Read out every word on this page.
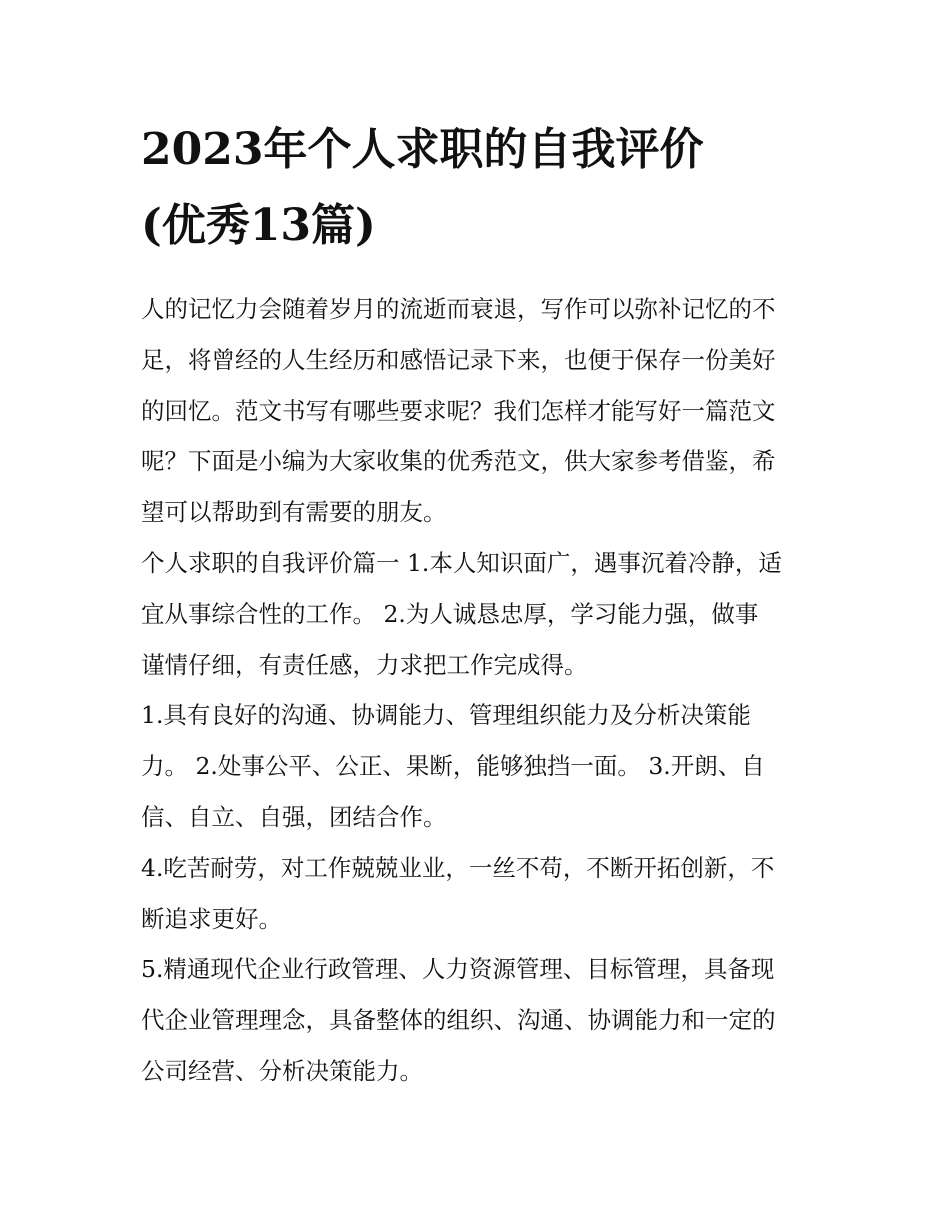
2023年个人求职的自我评价
(优秀13篇)

人的记忆力会随着岁月的流逝而衰退，写作可以弥补记忆的不
足，将曾经的人生经历和感悟记录下来，也便于保存一份美好
的回忆。范文书写有哪些要求呢？我们怎样才能写好一篇范文
呢？下面是小编为大家收集的优秀范文，供大家参考借鉴，希
望可以帮助到有需要的朋友。

个人求职的自我评价篇一 1.本人知识面广，遇事沉着冷静，适
宜从事综合性的工作。 2.为人诚恳忠厚，学习能力强，做事
谨情仔细，有责任感，力求把工作完成得。

1.具有良好的沟通、协调能力、管理组织能力及分析决策能
力。 2.处事公平、公正、果断，能够独挡一面。 3.开朗、自
信、自立、自强，团结合作。

4.吃苦耐劳，对工作兢兢业业，一丝不苟，不断开拓创新，不
断追求更好。

5.精通现代企业行政管理、人力资源管理、目标管理，具备现
代企业管理理念，具备整体的组织、沟通、协调能力和一定的
公司经营、分析决策能力。
